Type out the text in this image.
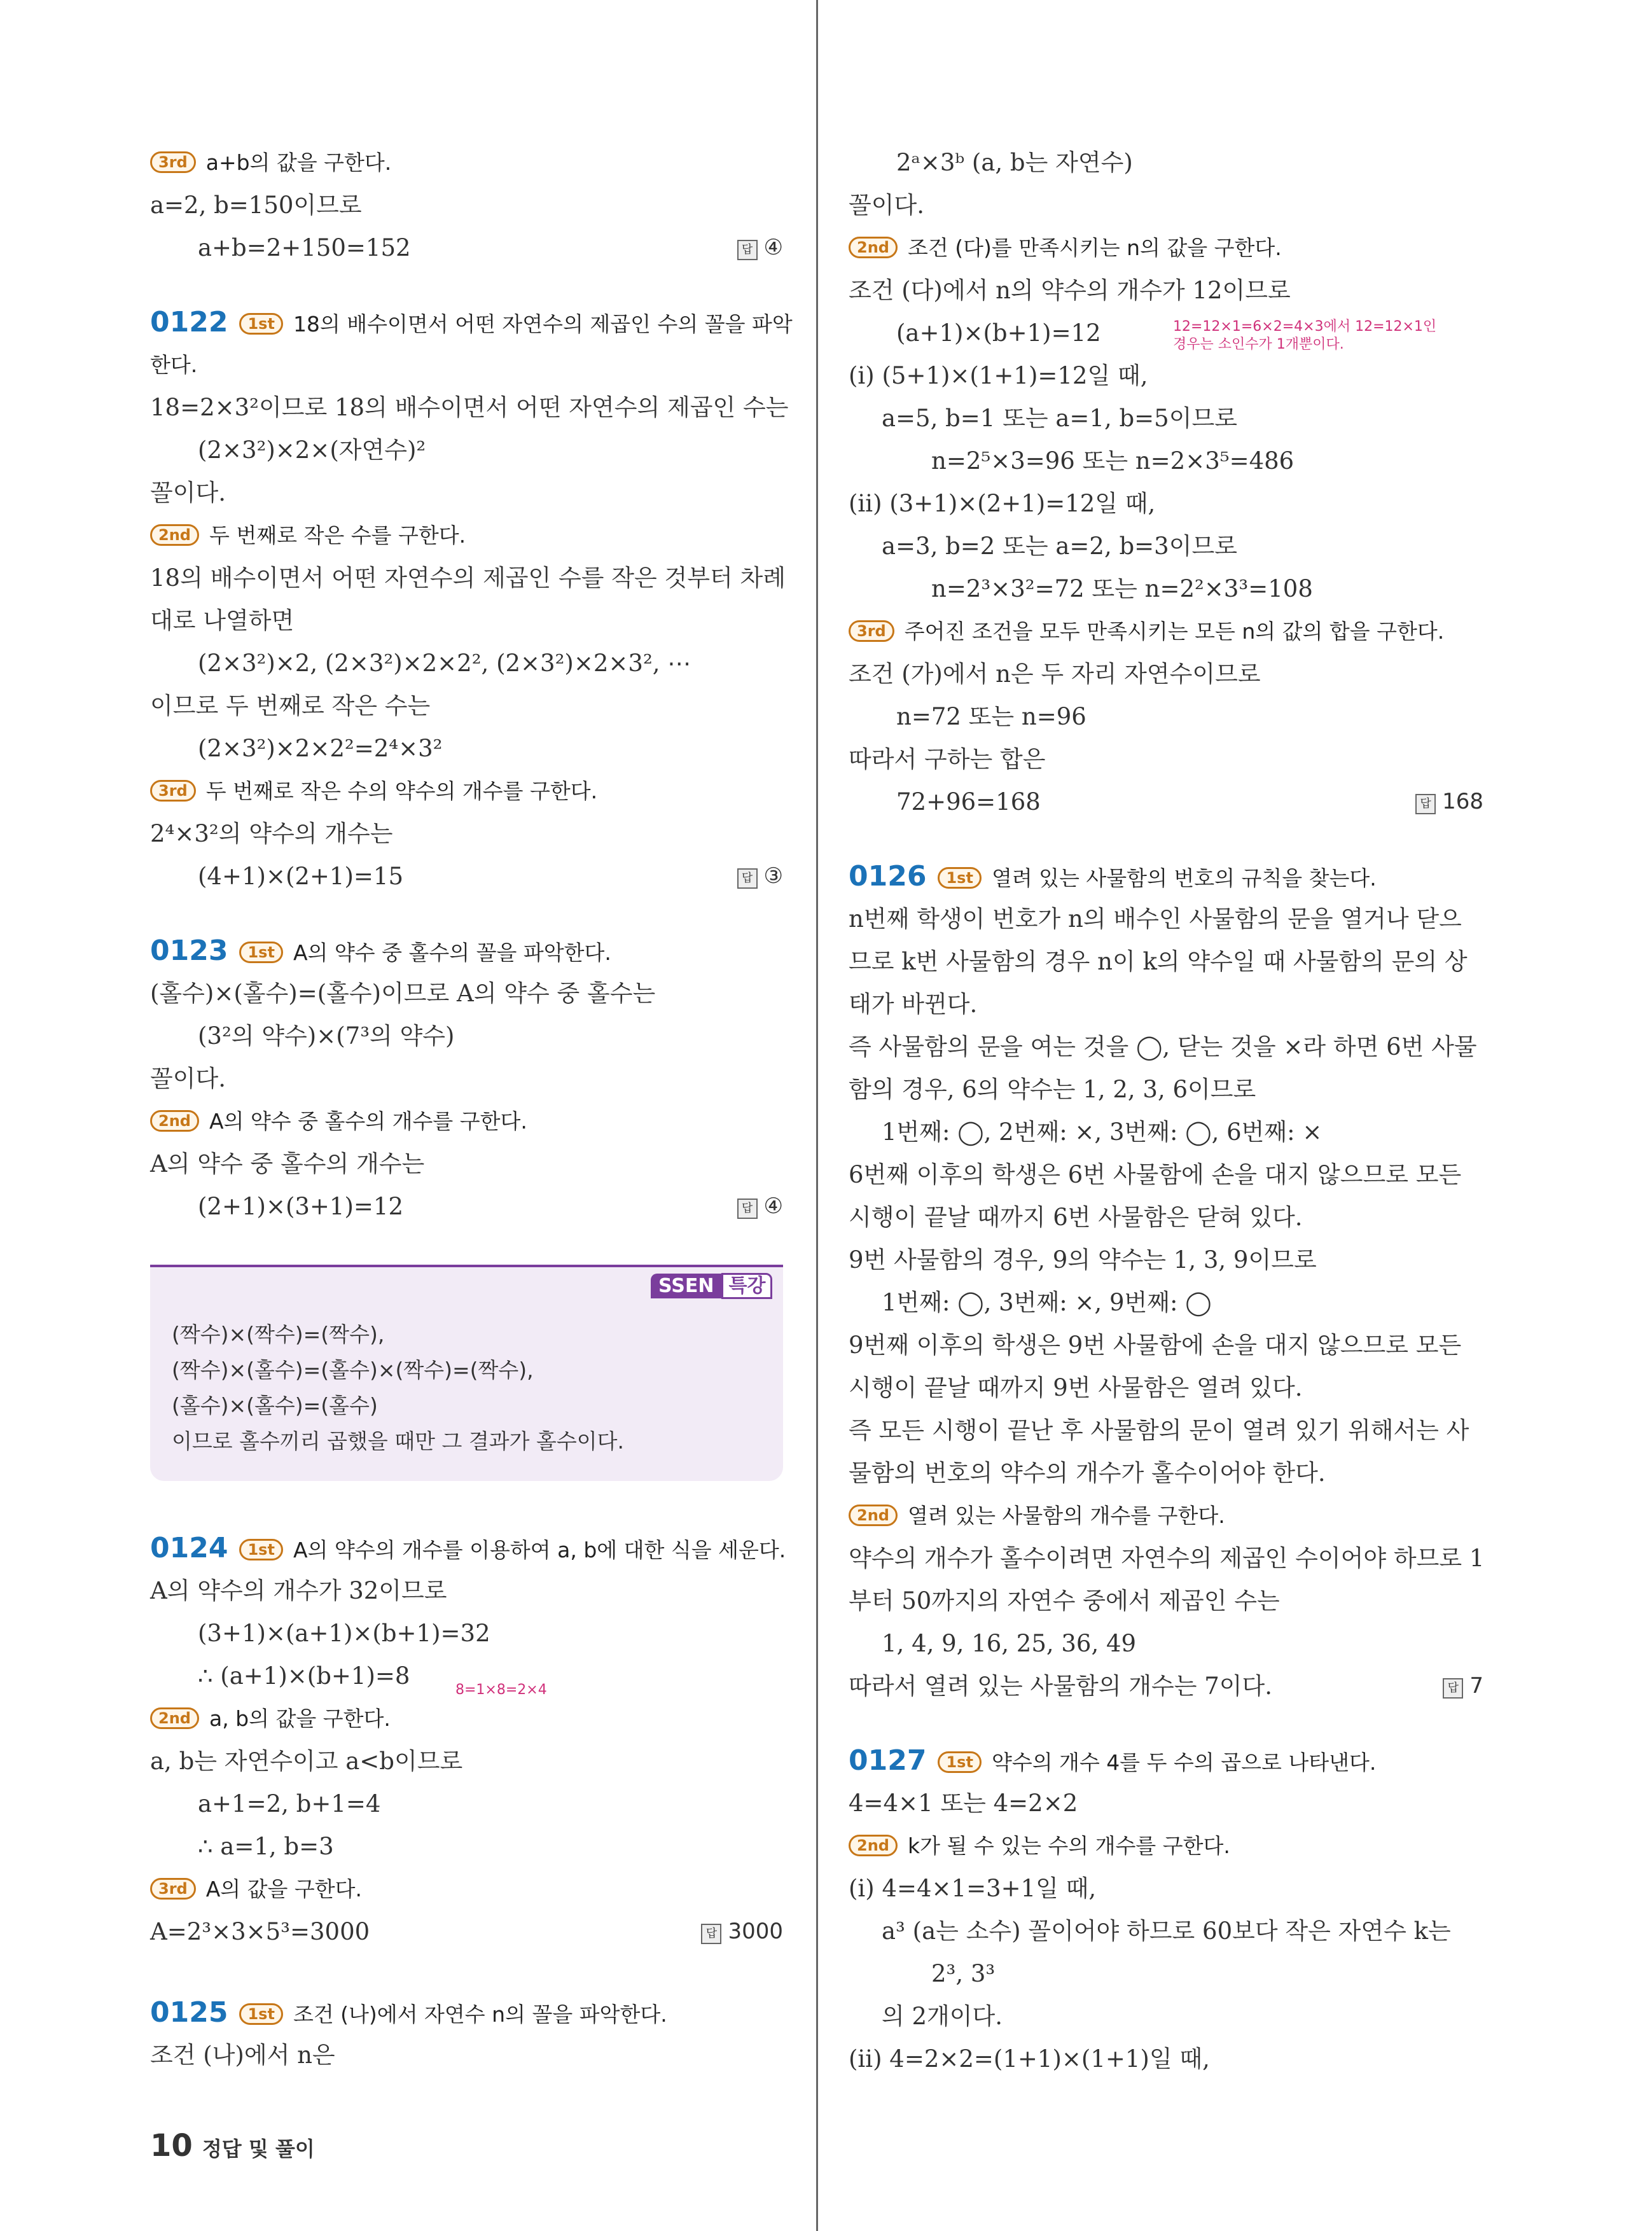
3rd a+b의 값을 구한다.
a=2, b=150이므로
a+b=2+150=152	답 ④
0122 1st 18의 배수이면서 어떤 자연수의 제곱인 수의 꼴을 파악
한다.
18=2×3²이므로 18의 배수이면서 어떤 자연수의 제곱인 수는
(2×3²)×2×(자연수)²
꼴이다.
2nd 두 번째로 작은 수를 구한다.
18의 배수이면서 어떤 자연수의 제곱인 수를 작은 것부터 차례
대로 나열하면
(2×3²)×2, (2×3²)×2×2², (2×3²)×2×3², ⋯
이므로 두 번째로 작은 수는
(2×3²)×2×2²=2⁴×3²
3rd 두 번째로 작은 수의 약수의 개수를 구한다.
2⁴×3²의 약수의 개수는
(4+1)×(2+1)=15	답 ③
0123 1st A의 약수 중 홀수의 꼴을 파악한다.
(홀수)×(홀수)=(홀수)이므로 A의 약수 중 홀수는
(3²의 약수)×(7³의 약수)
꼴이다.
2nd A의 약수 중 홀수의 개수를 구한다.
A의 약수 중 홀수의 개수는
(2+1)×(3+1)=12	답 ④
SSEN 특강
(짝수)×(짝수)=(짝수),
(짝수)×(홀수)=(홀수)×(짝수)=(짝수),
(홀수)×(홀수)=(홀수)
이므로 홀수끼리 곱했을 때만 그 결과가 홀수이다.
0124 1st A의 약수의 개수를 이용하여 a, b에 대한 식을 세운다.
A의 약수의 개수가 32이므로
(3+1)×(a+1)×(b+1)=32
∴ (a+1)×(b+1)=8
8=1×8=2×4
2nd a, b의 값을 구한다.
a, b는 자연수이고 a<b이므로
a+1=2, b+1=4
∴ a=1, b=3
3rd A의 값을 구한다.
A=2³×3×5³=3000	답 3000
0125 1st 조건 (나)에서 자연수 n의 꼴을 파악한다.
조건 (나)에서 n은
2ᵃ×3ᵇ (a, b는 자연수)
꼴이다.
2nd 조건 (다)를 만족시키는 n의 값을 구한다.
조건 (다)에서 n의 약수의 개수가 12이므로
(a+1)×(b+1)=12	12=12×1=6×2=4×3에서 12=12×1인
경우는 소인수가 1개뿐이다.
(ⅰ) (5+1)×(1+1)=12일 때,
a=5, b=1 또는 a=1, b=5이므로
n=2⁵×3=96 또는 n=2×3⁵=486
(ⅱ) (3+1)×(2+1)=12일 때,
a=3, b=2 또는 a=2, b=3이므로
n=2³×3²=72 또는 n=2²×3³=108
3rd 주어진 조건을 모두 만족시키는 모든 n의 값의 합을 구한다.
조건 (가)에서 n은 두 자리 자연수이므로
n=72 또는 n=96
따라서 구하는 합은
72+96=168	답 168
0126 1st 열려 있는 사물함의 번호의 규칙을 찾는다.
n번째 학생이 번호가 n의 배수인 사물함의 문을 열거나 닫으
므로 k번 사물함의 경우 n이 k의 약수일 때 사물함의 문의 상
태가 바뀐다.
즉 사물함의 문을 여는 것을 ◯, 닫는 것을 ×라 하면 6번 사물
함의 경우, 6의 약수는 1, 2, 3, 6이므로
1번째: ◯, 2번째: ×, 3번째: ◯, 6번째: ×
6번째 이후의 학생은 6번 사물함에 손을 대지 않으므로 모든
시행이 끝날 때까지 6번 사물함은 닫혀 있다.
9번 사물함의 경우, 9의 약수는 1, 3, 9이므로
1번째: ◯, 3번째: ×, 9번째: ◯
9번째 이후의 학생은 9번 사물함에 손을 대지 않으므로 모든
시행이 끝날 때까지 9번 사물함은 열려 있다.
즉 모든 시행이 끝난 후 사물함의 문이 열려 있기 위해서는 사
물함의 번호의 약수의 개수가 홀수이어야 한다.
2nd 열려 있는 사물함의 개수를 구한다.
약수의 개수가 홀수이려면 자연수의 제곱인 수이어야 하므로 1
부터 50까지의 자연수 중에서 제곱인 수는
1, 4, 9, 16, 25, 36, 49
따라서 열려 있는 사물함의 개수는 7이다.	답 7
0127 1st 약수의 개수 4를 두 수의 곱으로 나타낸다.
4=4×1 또는 4=2×2
2nd k가 될 수 있는 수의 개수를 구한다.
(ⅰ) 4=4×1=3+1일 때,
a³ (a는 소수) 꼴이어야 하므로 60보다 작은 자연수 k는
2³, 3³
의 2개이다.
(ⅱ) 4=2×2=(1+1)×(1+1)일 때,
10 정답 및 풀이
